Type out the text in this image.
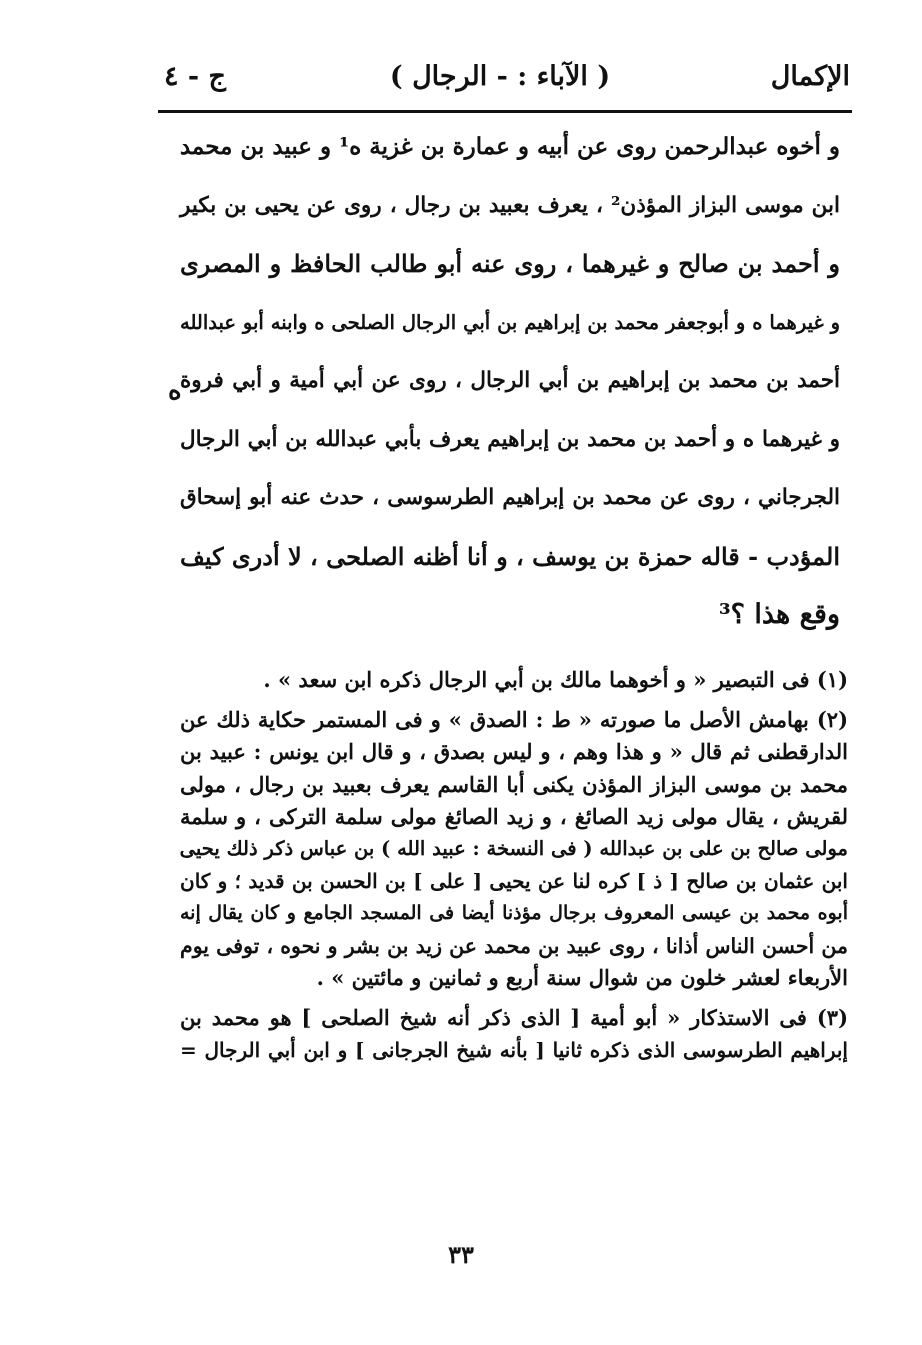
الإكمال
( الآباء : - الرجال )
ج - ٤
و أخوه عبدالرحمن روى عن أبيه و عمارة بن غزية ه¹ و عبيد بن محمد
ابن موسى البزاز المؤذن² ، يعرف بعبيد بن رجال ، روى عن يحيى بن بكير
و أحمد بن صالح و غيرهما ، روى عنه أبو طالب الحافظ و المصرى
و غيرهما ه و أبوجعفر محمد بن إبراهيم بن أبي الرجال الصلحى ه وابنه أبو عبدالله
أحمد بن محمد بن إبراهيم بن أبي الرجال ، روى عن أبي أمية و أبي فروة
و غيرهما ه و أحمد بن محمد بن إبراهيم يعرف بأبي عبدالله بن أبي الرجال
الجرجاني ، روى عن محمد بن إبراهيم الطرسوسى ، حدث عنه أبو إسحاق
المؤدب - قاله حمزة بن يوسف ، و أنا أظنه الصلحى ، لا أدرى كيف
وقع هذا ؟³
ه
(١) فى التبصير « و أخوهما مالك بن أبي الرجال ذكره ابن سعد » .
(٢) بهامش الأصل ما صورته « ط : الصدق » و فى المستمر حكاية ذلك عن
الدارقطنى ثم قال « و هذا وهم ، و ليس بصدق ، و قال ابن يونس : عبيد بن
محمد بن موسى البزاز المؤذن يكنى أبا القاسم يعرف بعبيد بن رجال ، مولى
لقريش ، يقال مولى زيد الصائغ ، و زيد الصائغ مولى سلمة التركى ، و سلمة
مولى صالح بن على بن عبدالله ( فى النسخة : عبيد الله ) بن عباس ذكر ذلك يحيى
ابن عثمان بن صالح [ ذ ] كره لنا عن يحيى [ على ] بن الحسن بن قديد ؛ و كان
أبوه محمد بن عيسى المعروف برجال مؤذنا أيضا فى المسجد الجامع و كان يقال إنه
من أحسن الناس أذانا ، روى عبيد بن محمد عن زيد بن بشر و نحوه ، توفى يوم
الأربعاء لعشر خلون من شوال سنة أربع و ثمانين و مائتين » .
(٣) فى الاستذكار « أبو أمية [ الذى ذكر أنه شيخ الصلحى ] هو محمد بن
إبراهيم الطرسوسى الذى ذكره ثانيا [ بأنه شيخ الجرجانى ] و ابن أبي الرجال =
٣٣
